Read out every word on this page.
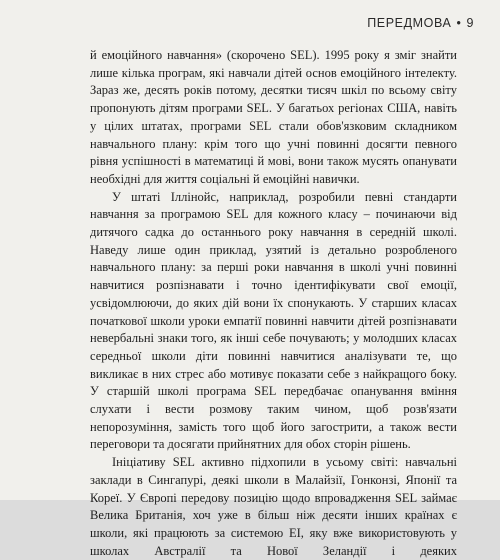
ПЕРЕДМОВА • 9

й емоційного навчання» (скорочено SEL). 1995 року я зміг знайти лише кілька програм, які навчали дітей основ емоційного інтелекту. Зараз же, десять років потому, десятки тисяч шкіл по всьому світу пропонують дітям програми SEL. У багатьох регіонах США, навіть у цілих штатах, програми SEL стали обов'язковим складником навчального плану: крім того що учні повинні досягти певного рівня успішності в математиці й мові, вони також мусять опанувати необхідні для життя соціальні й емоційні навички.

У штаті Іллінойс, наприклад, розробили певні стандарти навчання за програмою SEL для кожного класу – починаючи від дитячого садка до останнього року навчання в середній школі. Наведу лише один приклад, узятий із детально розробленого навчального плану: за перші роки навчання в школі учні повинні навчитися розпізнавати і точно ідентифікувати свої емоції, усвідомлюючи, до яких дій вони їх спонукають. У старших класах початкової школи уроки емпатії повинні навчити дітей розпізнавати невербальні знаки того, як інші себе почувають; у молодших класах середньої школи діти повинні навчитися аналізувати те, що викликає в них стрес або мотивує показати себе з найкращого боку. У старшій школі програма SEL передбачає опанування вміння слухати і вести розмову таким чином, щоб розв'язати непорозуміння, замість того щоб його загострити, а також вести переговори та досягати прийнятних для обох сторін рішень.

Ініціативу SEL активно підхопили в усьому світі: навчальні заклади в Сингапурі, деякі школи в Малайзії, Гонконзі, Японії та Кореї. У Європі передову позицію щодо впровадження SEL займає Велика Британія, хоч уже в більш ніж десяти інших країнах є школи, які працюють за системою EI, яку вже використовують у школах Австралії та Нової Зеландії і деяких
